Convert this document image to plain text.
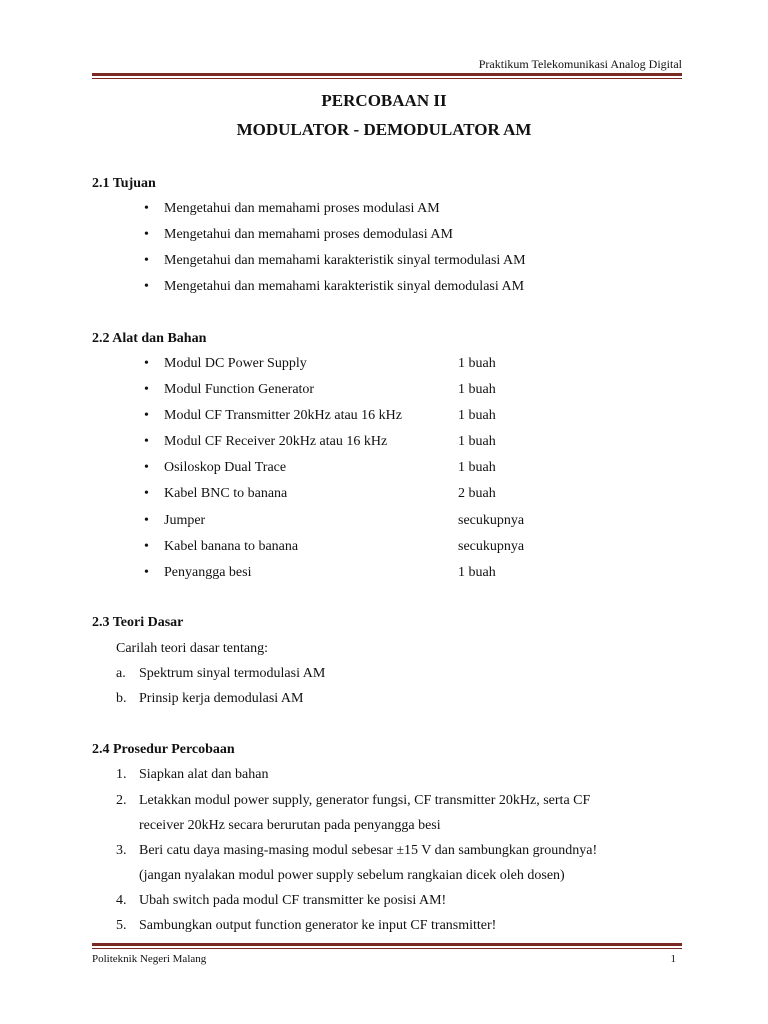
Praktikum Telekomunikasi Analog Digital
PERCOBAAN II
MODULATOR - DEMODULATOR AM
2.1 Tujuan
• Mengetahui dan memahami proses modulasi AM
• Mengetahui dan memahami proses demodulasi AM
• Mengetahui dan memahami karakteristik sinyal termodulasi AM
• Mengetahui dan memahami karakteristik sinyal demodulasi AM
2.2 Alat dan Bahan
• Modul DC Power Supply	1 buah
• Modul Function Generator	1 buah
• Modul CF Transmitter 20kHz atau 16 kHz	1 buah
• Modul CF Receiver 20kHz atau 16 kHz	1 buah
• Osiloskop Dual Trace	1 buah
• Kabel BNC to banana	2 buah
• Jumper	secukupnya
• Kabel banana to banana	secukupnya
• Penyangga besi	1 buah
2.3 Teori Dasar
Carilah teori dasar tentang:
a. Spektrum sinyal termodulasi AM
b. Prinsip kerja demodulasi AM
2.4 Prosedur Percobaan
1. Siapkan alat dan bahan
2. Letakkan modul power supply, generator fungsi, CF transmitter 20kHz, serta CF
receiver 20kHz secara berurutan pada penyangga besi
3. Beri catu daya masing-masing modul sebesar ±15 V dan sambungkan groundnya!
(jangan nyalakan modul power supply sebelum rangkaian dicek oleh dosen)
4. Ubah switch pada modul CF transmitter ke posisi AM!
5. Sambungkan output function generator ke input CF transmitter!
Politeknik Negeri Malang	1
